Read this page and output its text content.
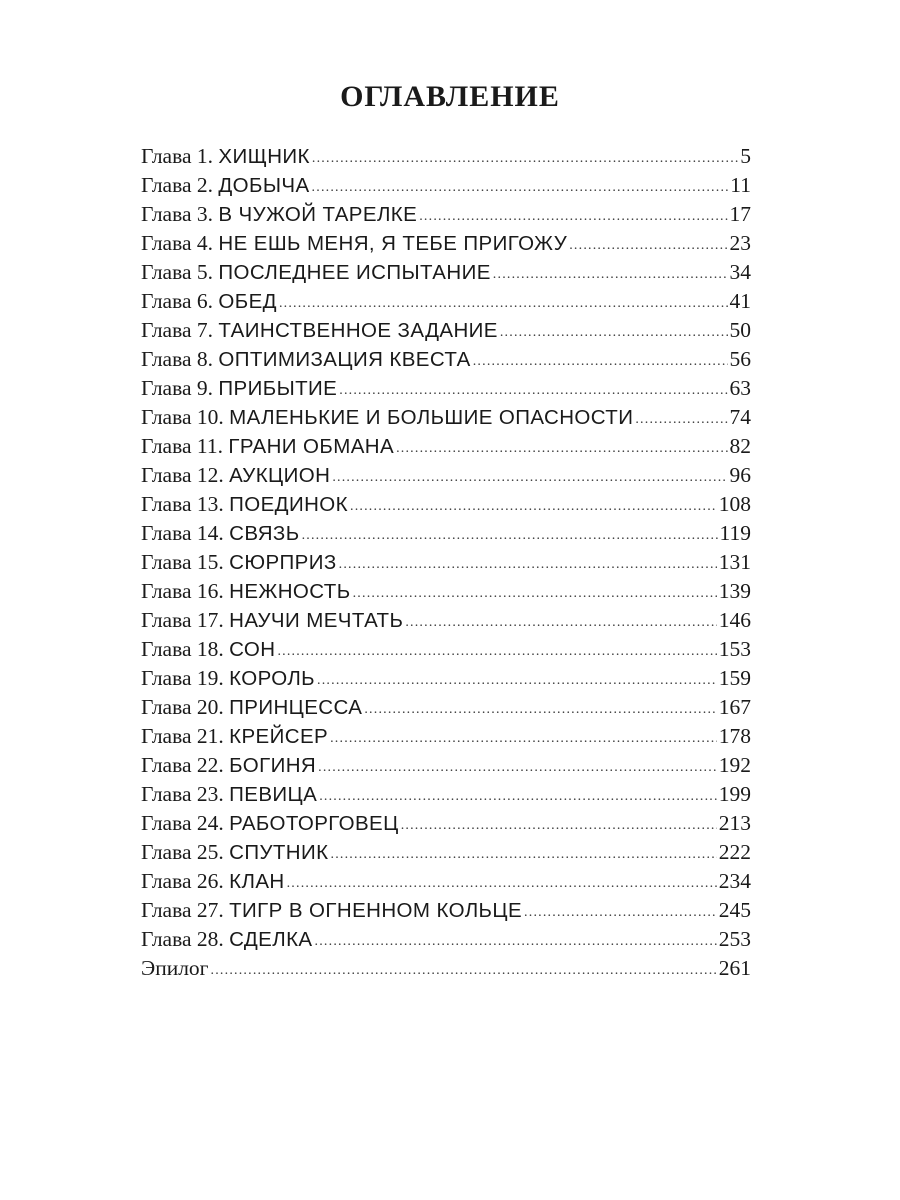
ОГЛАВЛЕНИЕ
Глава 1. ХИЩНИК .....	5
Глава 2. ДОБЫЧА .....	11
Глава 3. В ЧУЖОЙ ТАРЕЛКЕ .....	17
Глава 4. НЕ ЕШЬ МЕНЯ, Я ТЕБЕ ПРИГОЖУ .....	23
Глава 5. ПОСЛЕДНЕЕ ИСПЫТАНИЕ .....	34
Глава 6. ОБЕД .....	41
Глава 7. ТАИНСТВЕННОЕ ЗАДАНИЕ .....	50
Глава 8. ОПТИМИЗАЦИЯ КВЕСТА .....	56
Глава 9. ПРИБЫТИЕ .....	63
Глава 10. МАЛЕНЬКИЕ И БОЛЬШИЕ ОПАСНОСТИ .....	74
Глава 11. ГРАНИ ОБМАНА .....	82
Глава 12. АУКЦИОН .....	96
Глава 13. ПОЕДИНОК .....	108
Глава 14. СВЯЗЬ .....	119
Глава 15. СЮРПРИЗ .....	131
Глава 16. НЕЖНОСТЬ .....	139
Глава 17. НАУЧИ МЕЧТАТЬ .....	146
Глава 18. СОН .....	153
Глава 19. КОРОЛЬ .....	159
Глава 20. ПРИНЦЕССА .....	167
Глава 21. КРЕЙСЕР .....	178
Глава 22. БОГИНЯ .....	192
Глава 23. ПЕВИЦА .....	199
Глава 24. РАБОТОРГОВЕЦ .....	213
Глава 25. СПУТНИК .....	222
Глава 26. КЛАН .....	234
Глава 27. ТИГР В ОГНЕННОМ КОЛЬЦЕ .....	245
Глава 28. СДЕЛКА .....	253
Эпилог .....	261
